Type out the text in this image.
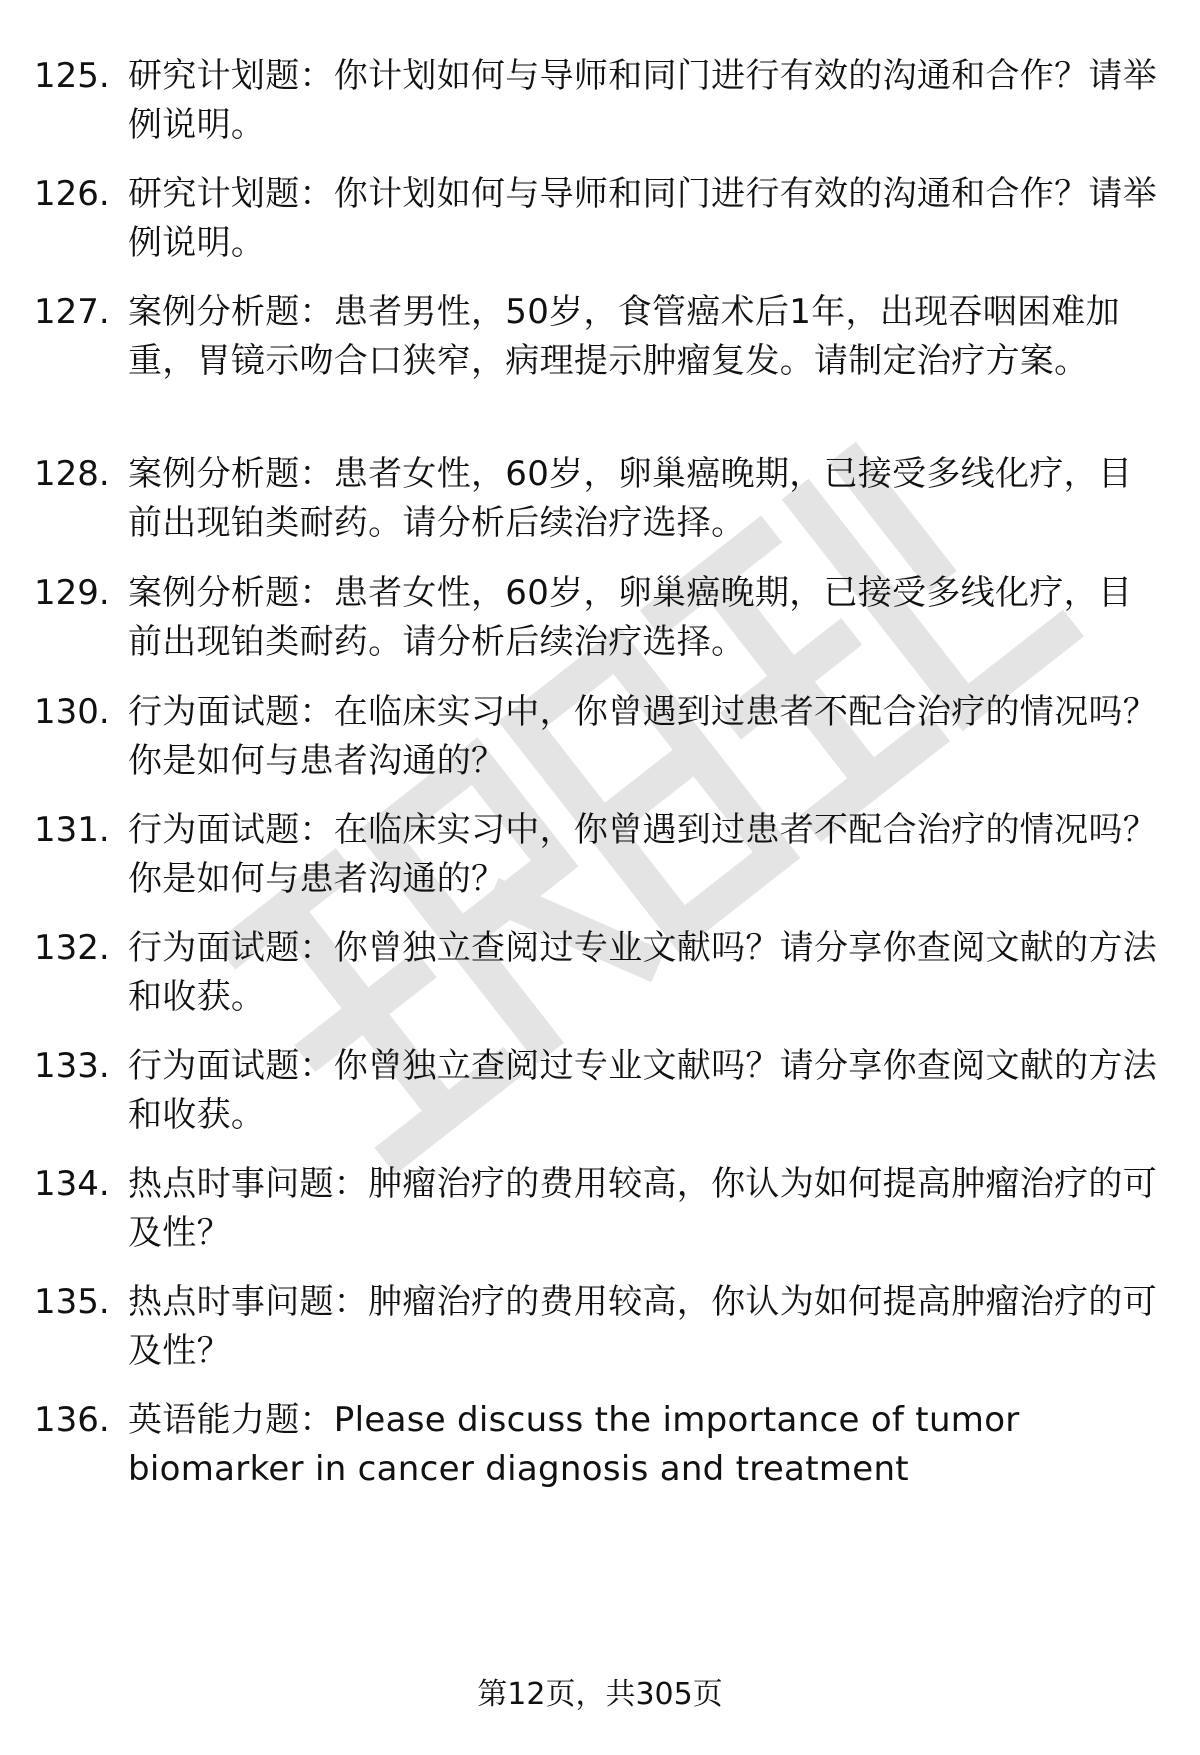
125. 研究计划题：你计划如何与导师和同门进行有效的沟通和合作？请举例说明。
126. 研究计划题：你计划如何与导师和同门进行有效的沟通和合作？请举例说明。
127. 案例分析题：患者男性，50岁，食管癌术后1年，出现吞咽困难加重，胃镜示吻合口狭窄，病理提示肿瘤复发。请制定治疗方案。
128. 案例分析题：患者女性，60岁，卵巢癌晚期，已接受多线化疗，目前出现铂类耐药。请分析后续治疗选择。
129. 案例分析题：患者女性，60岁，卵巢癌晚期，已接受多线化疗，目前出现铂类耐药。请分析后续治疗选择。
130. 行为面试题：在临床实习中，你曾遇到过患者不配合治疗的情况吗？你是如何与患者沟通的？
131. 行为面试题：在临床实习中，你曾遇到过患者不配合治疗的情况吗？你是如何与患者沟通的？
132. 行为面试题：你曾独立查阅过专业文献吗？请分享你查阅文献的方法和收获。
133. 行为面试题：你曾独立查阅过专业文献吗？请分享你查阅文献的方法和收获。
134. 热点时事问题：肿瘤治疗的费用较高，你认为如何提高肿瘤治疗的可及性？
135. 热点时事问题：肿瘤治疗的费用较高，你认为如何提高肿瘤治疗的可及性？
136. 英语能力题：Please discuss the importance of tumor biomarker in cancer diagnosis and treatment
第12页，共305页
